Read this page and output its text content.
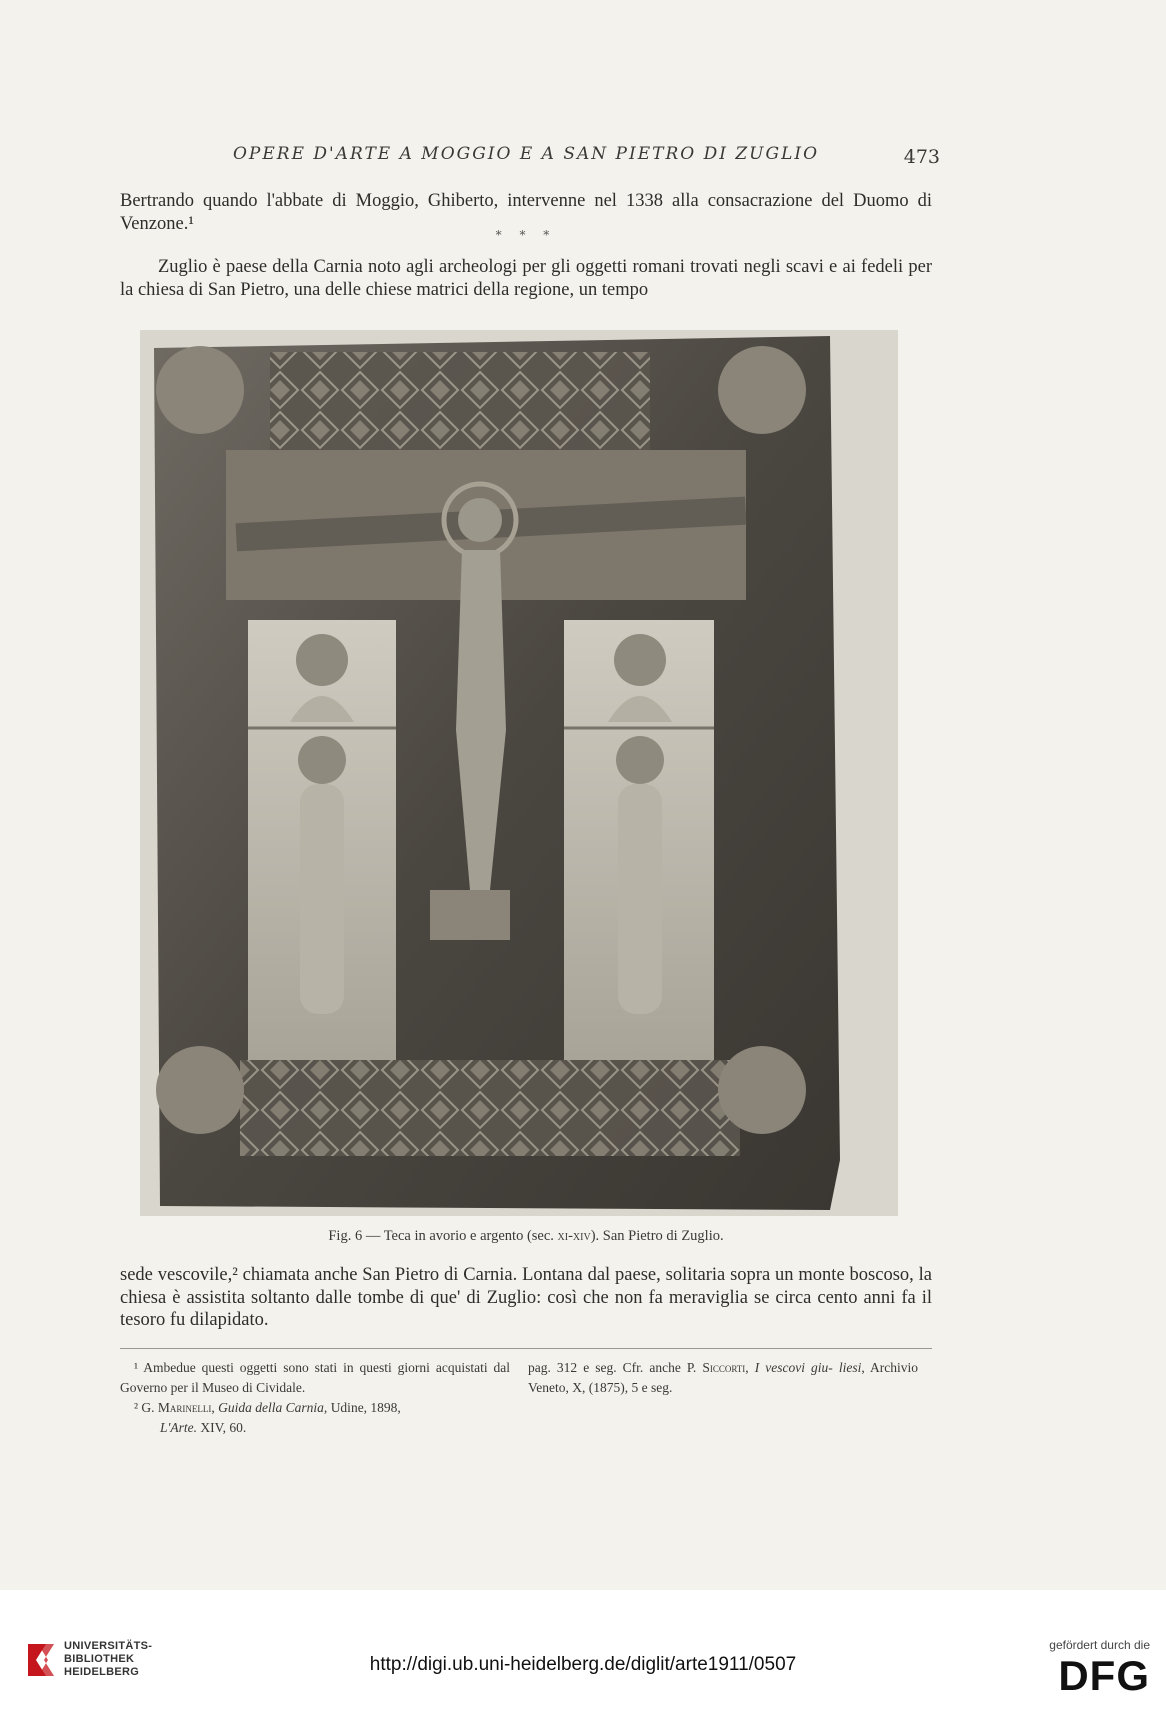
OPERE D'ARTE A MOGGIO E A SAN PIETRO DI ZUGLIO	473

Bertrando quando l'abbate di Moggio, Ghiberto, intervenne nel 1338 alla consacrazione del Duomo di Venzone.¹

* * *

Zuglio è paese della Carnia noto agli archeologi per gli oggetti romani trovati negli scavi e ai fedeli per la chiesa di San Pietro, una delle chiese matrici della regione, un tempo

Fig. 6 — Teca in avorio e argento (sec. xi-xiv). San Pietro di Zuglio.

sede vescovile,² chiamata anche San Pietro di Carnia. Lontana dal paese, solitaria sopra un monte boscoso, la chiesa è assistita soltanto dalle tombe di que' di Zuglio: così che non fa meraviglia se circa cento anni fa il tesoro fu dilapidato.

¹ Ambedue questi oggetti sono stati in questi giorni acquistati dal Governo per il Museo di Cividale.

² G. Marinelli, Guida della Carnia, Udine, 1898,
L'Arte. XIV, 60.

pag. 312 e seg. Cfr. anche P. Siccorti, I vescovi giu- liesi, Archivio Veneto, X, (1875), 5 e seg.

UNIVERSITÄTS-
BIBLIOTHEK
HEIDELBERG	http://digi.ub.uni-heidelberg.de/diglit/arte1911/0507
gefördert durch die
DFG
